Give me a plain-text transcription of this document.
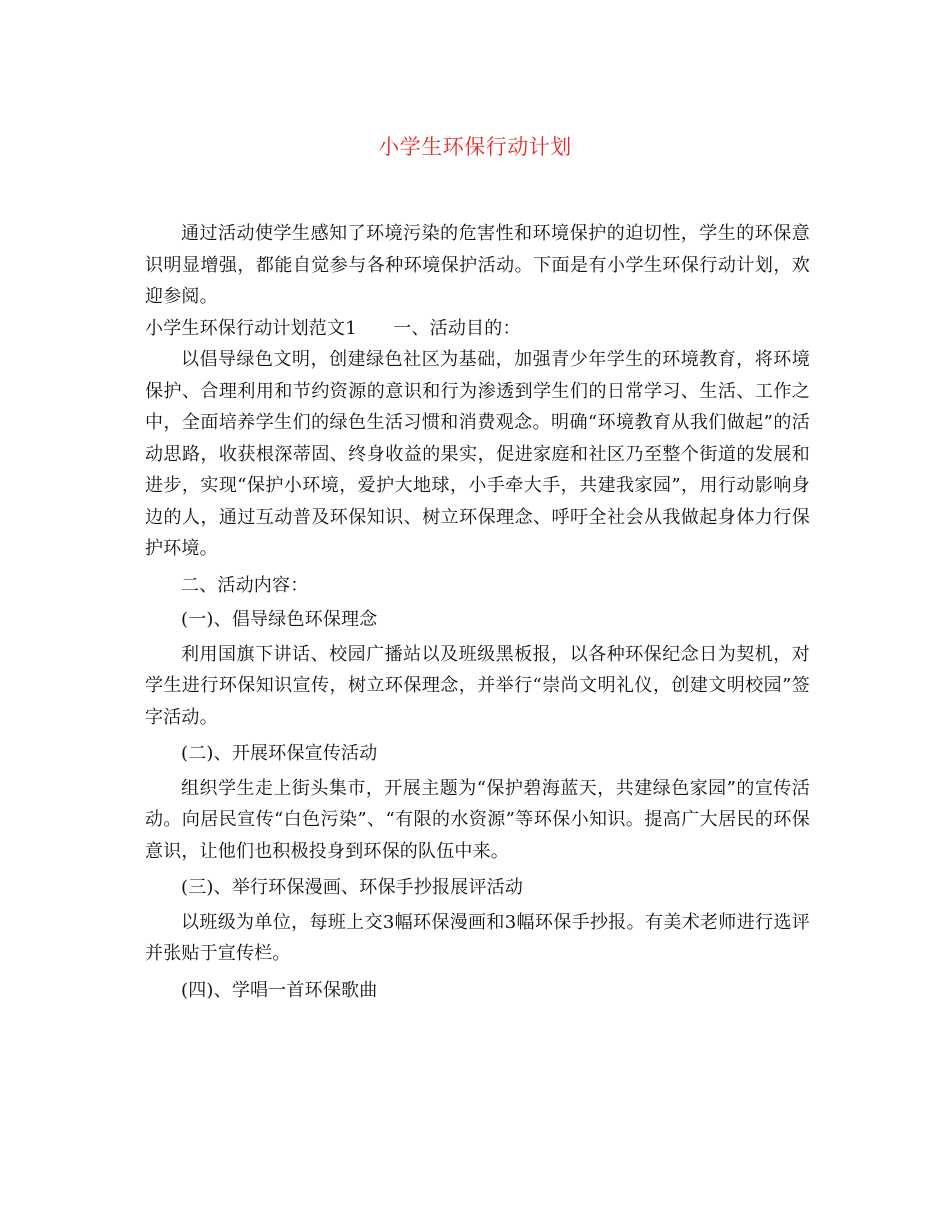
小学生环保行动计划

通过活动使学生感知了环境污染的危害性和环境保护的迫切性，学生的环保意识明显增强，都能自觉参与各种环境保护活动。下面是有小学生环保行动计划，欢迎参阅。

小学生环保行动计划范文1　　一、活动目的：

以倡导绿色文明，创建绿色社区为基础，加强青少年学生的环境教育，将环境保护、合理利用和节约资源的意识和行为渗透到学生们的日常学习、生活、工作之中，全面培养学生们的绿色生活习惯和消费观念。明确“环境教育从我们做起”的活动思路，收获根深蒂固、终身收益的果实，促进家庭和社区乃至整个街道的发展和进步，实现“保护小环境，爱护大地球，小手牵大手，共建我家园”，用行动影响身边的人，通过互动普及环保知识、树立环保理念、呼吁全社会从我做起身体力行保护环境。

二、活动内容：

(一)、倡导绿色环保理念

利用国旗下讲话、校园广播站以及班级黑板报，以各种环保纪念日为契机，对学生进行环保知识宣传，树立环保理念，并举行“崇尚文明礼仪，创建文明校园”签字活动。

(二)、开展环保宣传活动

组织学生走上街头集市，开展主题为“保护碧海蓝天，共建绿色家园”的宣传活动。向居民宣传“白色污染”、“有限的水资源”等环保小知识。提高广大居民的环保意识，让他们也积极投身到环保的队伍中来。

(三)、举行环保漫画、环保手抄报展评活动

以班级为单位，每班上交3幅环保漫画和3幅环保手抄报。有美术老师进行选评并张贴于宣传栏。

(四)、学唱一首环保歌曲
